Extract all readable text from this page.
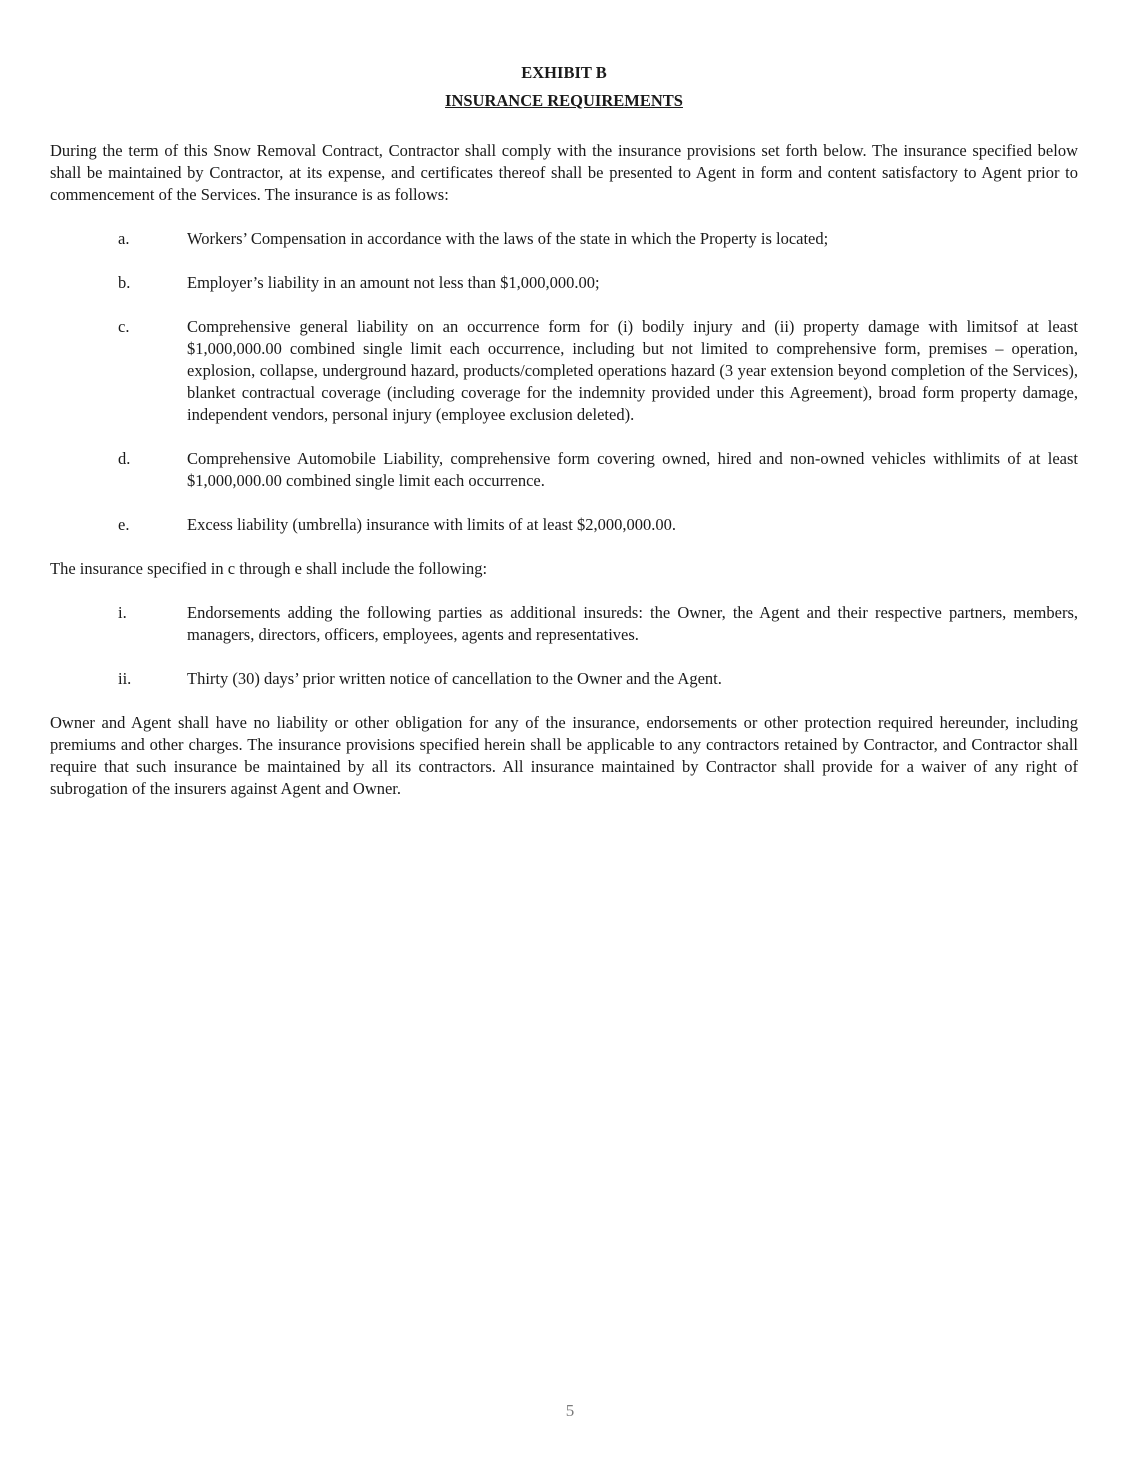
EXHIBIT B
INSURANCE REQUIREMENTS

During the term of this Snow Removal Contract, Contractor shall comply with the insurance provisions set forth below. The insurance specified below shall be maintained by Contractor, at its expense, and certificates thereof shall be presented to Agent in form and content satisfactory to Agent prior to commencement of the Services. The insurance is as follows:

a.	Workers’ Compensation in accordance with the laws of the state in which the Property is located;
b.	Employer’s liability in an amount not less than $1,000,000.00;
c.	Comprehensive general liability on an occurrence form for (i) bodily injury and (ii) property damage with limitsof at least $1,000,000.00 combined single limit each occurrence, including but not limited to comprehensive form, premises – operation, explosion, collapse, underground hazard, products/completed operations hazard (3 year extension beyond completion of the Services), blanket contractual coverage (including coverage for the indemnity provided under this Agreement), broad form property damage, independent vendors, personal injury (employee exclusion deleted).
d.	Comprehensive Automobile Liability, comprehensive form covering owned, hired and non-owned vehicles withlimits of at least $1,000,000.00 combined single limit each occurrence.
e.	Excess liability (umbrella) insurance with limits of at least $2,000,000.00.

The insurance specified in c through e shall include the following:

i.	Endorsements adding the following parties as additional insureds: the Owner, the Agent and their respective partners, members, managers, directors, officers, employees, agents and representatives.
ii.	Thirty (30) days’ prior written notice of cancellation to the Owner and the Agent.

Owner and Agent shall have no liability or other obligation for any of the insurance, endorsements or other protection required hereunder, including premiums and other charges. The insurance provisions specified herein shall be applicable to any contractors retained by Contractor, and Contractor shall require that such insurance be maintained by all its contractors. All insurance maintained by Contractor shall provide for a waiver of any right of subrogation of the insurers against Agent and Owner.

5
